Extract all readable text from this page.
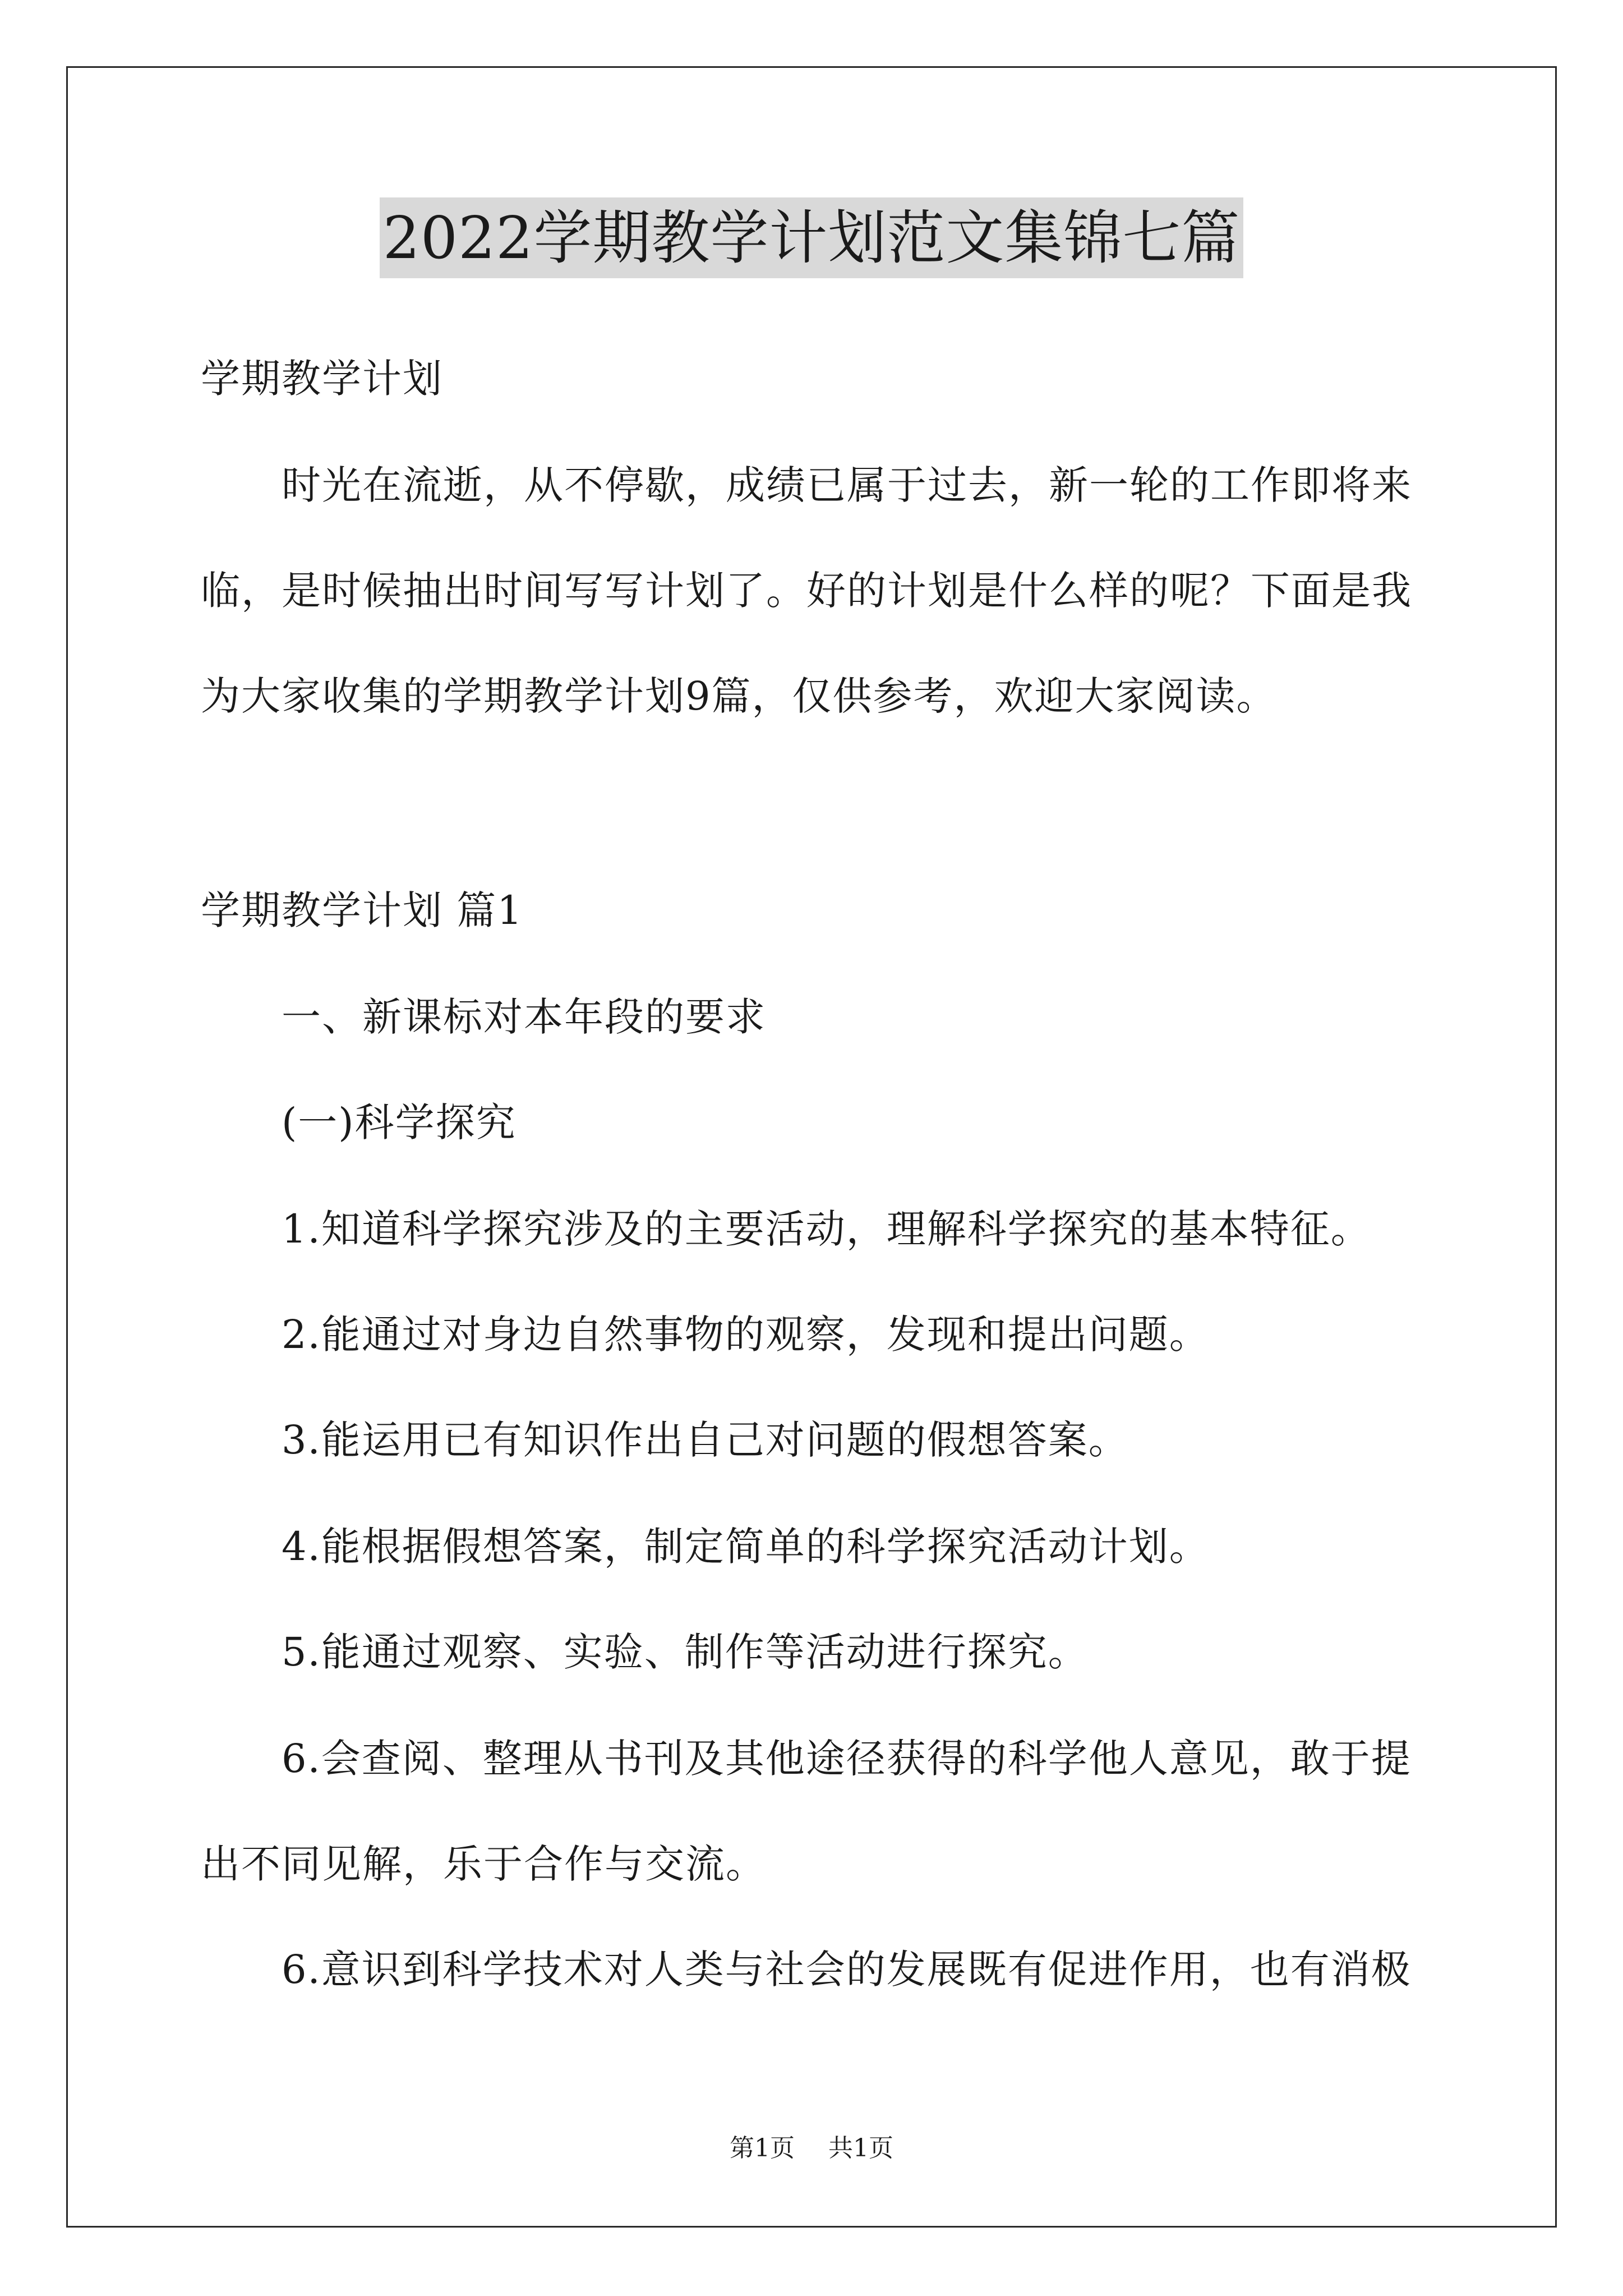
2022学期教学计划范文集锦七篇
学期教学计划
时光在流逝，从不停歇，成绩已属于过去，新一轮的工作即将来
临，是时候抽出时间写写计划了。好的计划是什么样的呢？下面是我
为大家收集的学期教学计划9篇，仅供参考，欢迎大家阅读。
学期教学计划 篇1
一、新课标对本年段的要求
(一)科学探究
1.知道科学探究涉及的主要活动，理解科学探究的基本特征。
2.能通过对身边自然事物的观察，发现和提出问题。
3.能运用已有知识作出自己对问题的假想答案。
4.能根据假想答案，制定简单的科学探究活动计划。
5.能通过观察、实验、制作等活动进行探究。
6.会查阅、整理从书刊及其他途径获得的科学他人意见，敢于提
出不同见解，乐于合作与交流。
6.意识到科学技术对人类与社会的发展既有促进作用，也有消极
第1页 共1页
